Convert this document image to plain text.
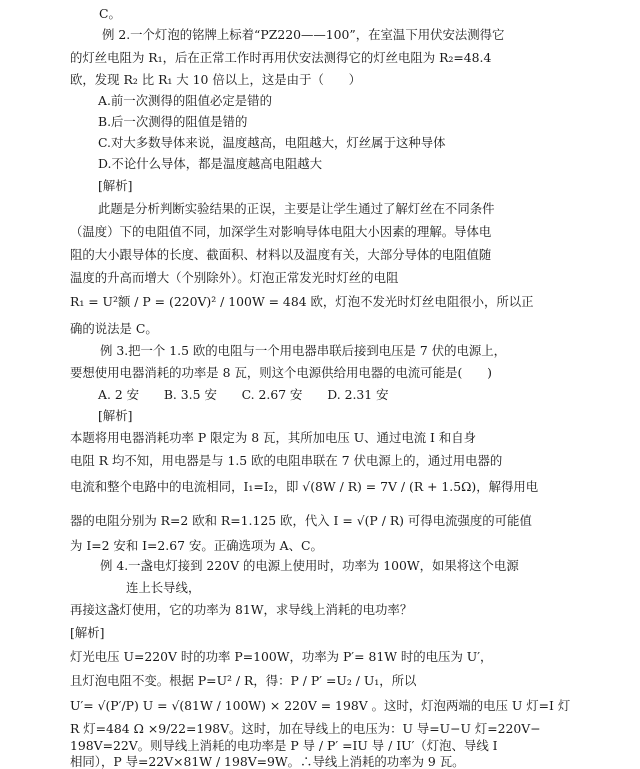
C。
例 2.一个灯泡的铭牌上标着“PZ220——100”，在室温下用伏安法测得它
的灯丝电阻为 R₁，后在正常工作时再用伏安法测得它的灯丝电阻为 R₂=48.4
欧，发现 R₂ 比 R₁ 大 10 倍以上，这是由于（　　）
A.前一次测得的阻值必定是错的
B.后一次测得的阻值是错的
C.对大多数导体来说，温度越高，电阻越大，灯丝属于这种导体
D.不论什么导体，都是温度越高电阻越大
[解析]
此题是分析判断实验结果的正误，主要是让学生通过了解灯丝在不同条件
（温度）下的电阻值不同，加深学生对影响导体电阻大小因素的理解。导体电
阻的大小跟导体的长度、截面积、材料以及温度有关，大部分导体的电阻值随
温度的升高而增大（个别除外）。灯泡正常发光时灯丝的电阻
R₁ = U²额 / P = (220V)² / 100W = 484 欧，灯泡不发光时灯丝电阻很小，所以正
确的说法是 C。
例 3.把一个 1.5 欧的电阻与一个用电器串联后接到电压是 7 伏的电源上，
要想使用电器消耗的功率是 8 瓦，则这个电源供给用电器的电流可能是(　　)
A. 2 安　　B. 3.5 安　　C. 2.67 安　　D. 2.31 安
[解析]
本题将用电器消耗功率 P 限定为 8 瓦，其所加电压 U、通过电流 I 和自身
电阻 R 均不知，用电器是与 1.5 欧的电阻串联在 7 伏电源上的，通过用电器的
电流和整个电路中的电流相同，I₁=I₂，即 √(8W / R) = 7V / (R + 1.5Ω)，解得用电
器的电阻分别为 R=2 欧和 R=1.125 欧，代入 I = √(P / R) 可得电流强度的可能值
为 I=2 安和 I=2.67 安。正确选项为 A、C。
例 4.一盏电灯接到 220V 的电源上使用时，功率为 100W，如果将这个电源
连上长导线，
再接这盏灯使用，它的功率为 81W，求导线上消耗的电功率？
[解析]
灯光电压 U=220V 时的功率 P=100W，功率为 P′= 81W 时的电压为 U′，
且灯泡电阻不变。根据 P=U² / R，得：P / P′ =U₂ / U₁，所以
U′= √(P′/P) U = √(81W / 100W) × 220V = 198V 。这时，灯泡两端的电压 U 灯=I 灯
R 灯=484 Ω ×9/22=198V。这时，加在导线上的电压为：U 导=U−U 灯=220V−
198V=22V。则导线上消耗的电功率是 P 导 / P′ =IU 导 / IU′（灯泡、导线 I
相同），P 导=22V×81W / 198V=9W。∴导线上消耗的功率为 9 瓦。
